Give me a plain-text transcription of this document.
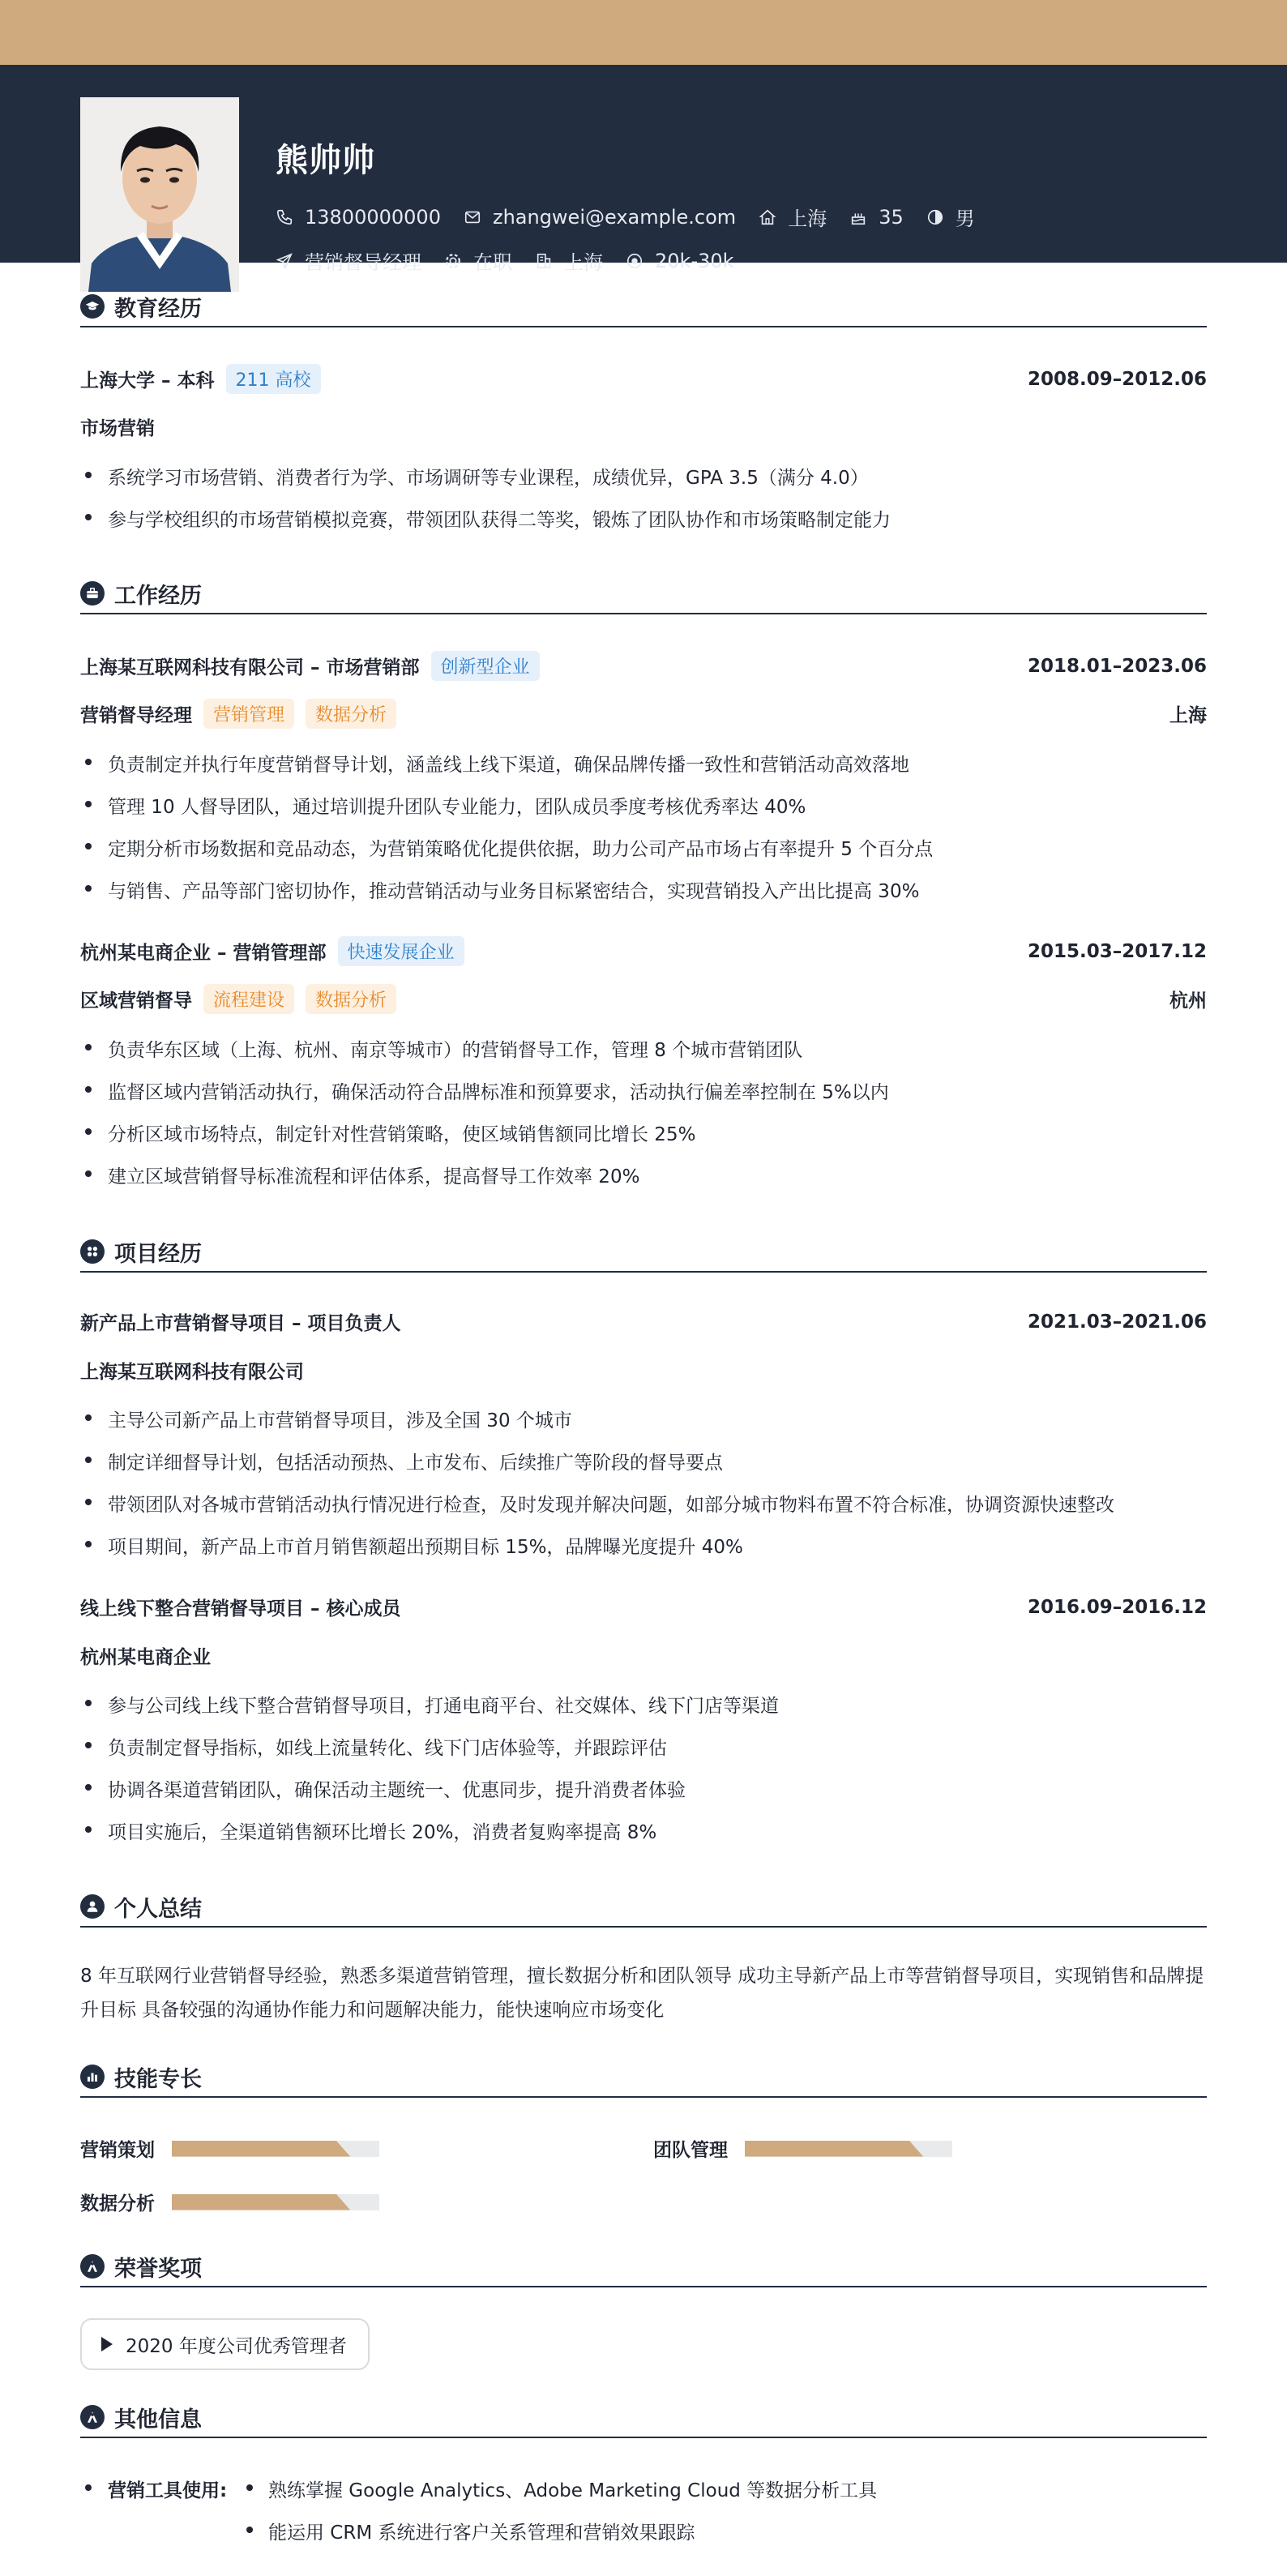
熊帅帅
13800000000	zhangwei@example.com	上海	35	男
营销督导经理	在职	上海	20k-30k
教育经历
上海大学 – 本科	211 高校	2008.09–2012.06
市场营销
系统学习市场营销、消费者行为学、市场调研等专业课程，成绩优异，GPA 3.5（满分 4.0）
参与学校组织的市场营销模拟竞赛，带领团队获得二等奖，锻炼了团队协作和市场策略制定能力
工作经历
上海某互联网科技有限公司 – 市场营销部	创新型企业	2018.01–2023.06
营销督导经理	营销管理	数据分析	上海
负责制定并执行年度营销督导计划，涵盖线上线下渠道，确保品牌传播一致性和营销活动高效落地
管理 10 人督导团队，通过培训提升团队专业能力，团队成员季度考核优秀率达 40%
定期分析市场数据和竞品动态，为营销策略优化提供依据，助力公司产品市场占有率提升 5 个百分点
与销售、产品等部门密切协作，推动营销活动与业务目标紧密结合，实现营销投入产出比提高 30%
杭州某电商企业 – 营销管理部	快速发展企业	2015.03–2017.12
区域营销督导	流程建设	数据分析	杭州
负责华东区域（上海、杭州、南京等城市）的营销督导工作，管理 8 个城市营销团队
监督区域内营销活动执行，确保活动符合品牌标准和预算要求，活动执行偏差率控制在 5%以内
分析区域市场特点，制定针对性营销策略，使区域销售额同比增长 25%
建立区域营销督导标准流程和评估体系，提高督导工作效率 20%
项目经历
新产品上市营销督导项目 – 项目负责人	2021.03–2021.06
上海某互联网科技有限公司
主导公司新产品上市营销督导项目，涉及全国 30 个城市
制定详细督导计划，包括活动预热、上市发布、后续推广等阶段的督导要点
带领团队对各城市营销活动执行情况进行检查，及时发现并解决问题，如部分城市物料布置不符合标准，协调资源快速整改
项目期间，新产品上市首月销售额超出预期目标 15%，品牌曝光度提升 40%
线上线下整合营销督导项目 – 核心成员	2016.09–2016.12
杭州某电商企业
参与公司线上线下整合营销督导项目，打通电商平台、社交媒体、线下门店等渠道
负责制定督导指标，如线上流量转化、线下门店体验等，并跟踪评估
协调各渠道营销团队，确保活动主题统一、优惠同步，提升消费者体验
项目实施后，全渠道销售额环比增长 20%，消费者复购率提高 8%
个人总结
8 年互联网行业营销督导经验，熟悉多渠道营销管理，擅长数据分析和团队领导 成功主导新产品上市等营销督导项目，实现销售和品牌提升目标 具备较强的沟通协作能力和问题解决能力，能快速响应市场变化
技能专长
营销策划	团队管理
数据分析
荣誉奖项
2020 年度公司优秀管理者
其他信息
营销工具使用: 熟练掌握 Google Analytics、Adobe Marketing Cloud 等数据分析工具
能运用 CRM 系统进行客户关系管理和营销效果跟踪
